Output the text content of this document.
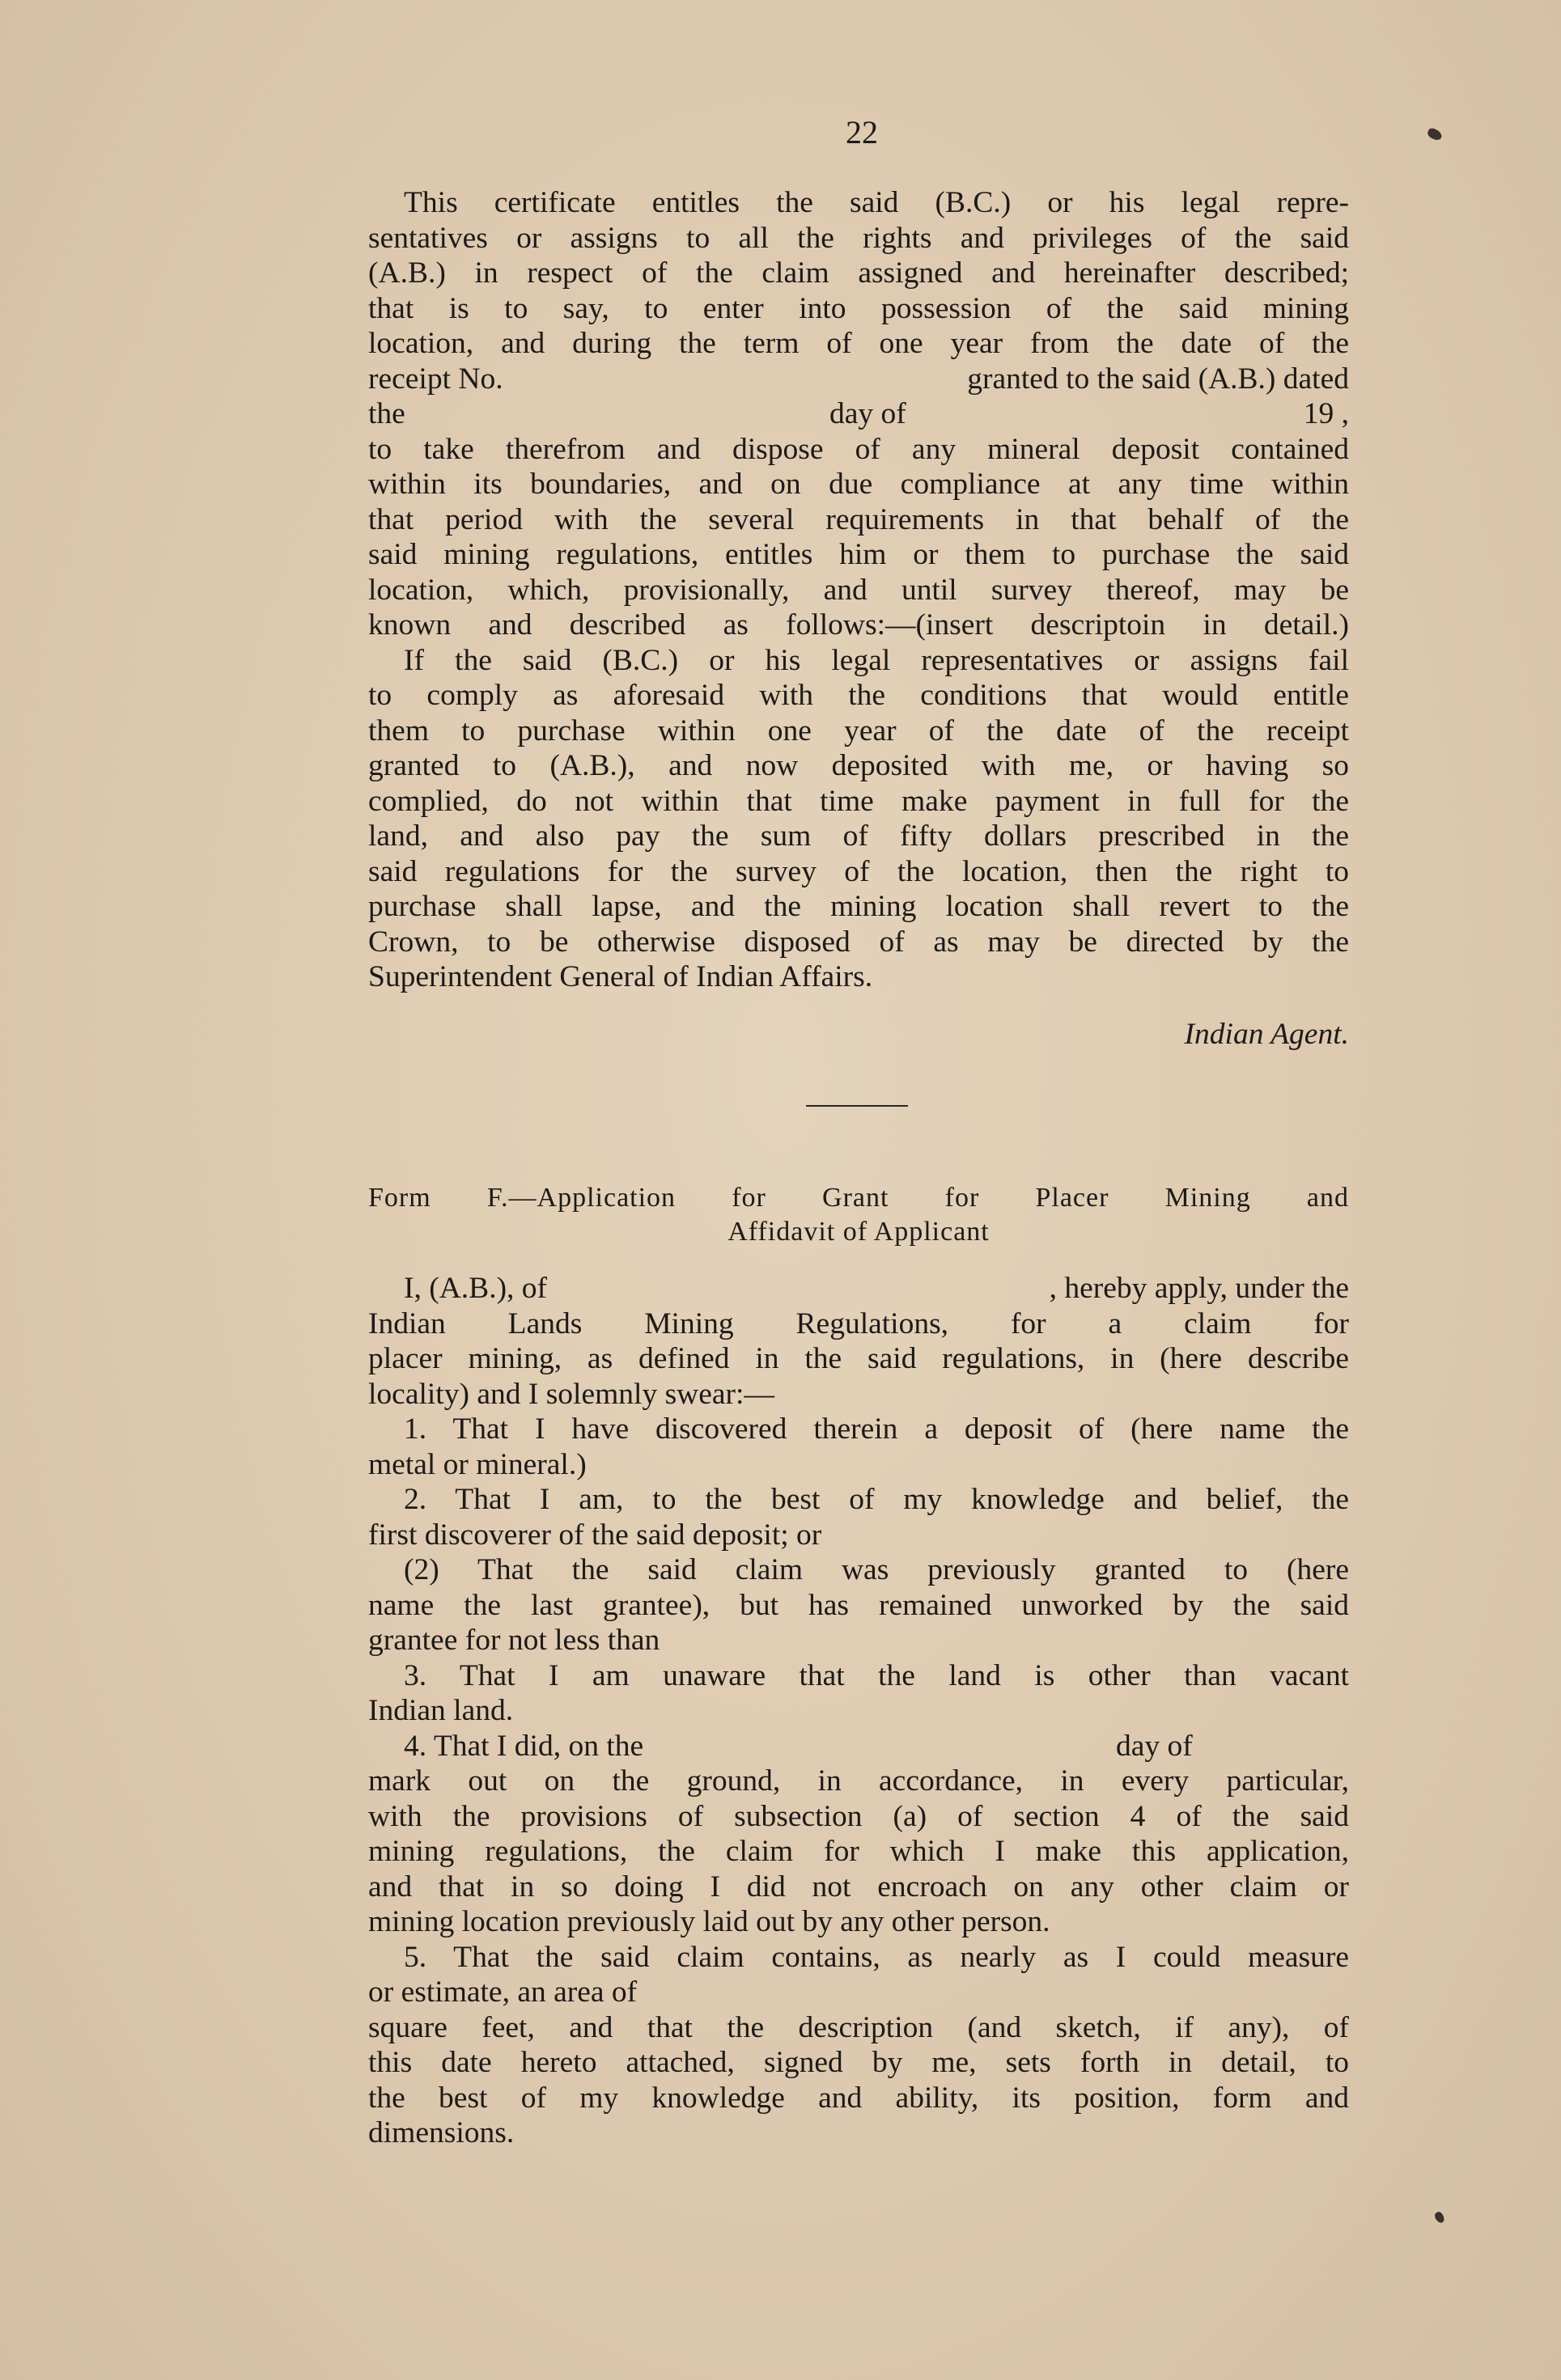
22
This certificate entitles the said (B.C.) or his legal repre-
sentatives or assigns to all the rights and privileges of the said
(A.B.) in respect of the claim assigned and hereinafter described;
that is to say, to enter into possession of the said mining
location, and during the term of one year from the date of the
receipt No.	granted to the said (A.B.) dated
the	day of	19 ,
to take therefrom and dispose of any mineral deposit contained
within its boundaries, and on due compliance at any time within
that period with the several requirements in that behalf of the
said mining regulations, entitles him or them to purchase the said
location, which, provisionally, and until survey thereof, may be
known and described as follows:—(insert descriptoin in detail.)
If the said (B.C.) or his legal representatives or assigns fail
to comply as aforesaid with the conditions that would entitle
them to purchase within one year of the date of the receipt
granted to (A.B.), and now deposited with me, or having so
complied, do not within that time make payment in full for the
land, and also pay the sum of fifty dollars prescribed in the
said regulations for the survey of the location, then the right to
purchase shall lapse, and the mining location shall revert to the
Crown, to be otherwise disposed of as may be directed by the
Superintendent General of Indian Affairs.
Indian Agent.
Form F.—Application for Grant for Placer Mining and
Affidavit of Applicant
I, (A.B.), of	, hereby apply, under the
Indian Lands Mining Regulations, for a claim for
placer mining, as defined in the said regulations, in (here describe
locality) and I solemnly swear:—
1. That I have discovered therein a deposit of (here name the
metal or mineral.)
2. That I am, to the best of my knowledge and belief, the
first discoverer of the said deposit; or
(2) That the said claim was previously granted to (here
name the last grantee), but has remained unworked by the said
grantee for not less than
3. That I am unaware that the land is other than vacant
Indian land.
4. That I did, on the	day of
mark out on the ground, in accordance, in every particular,
with the provisions of subsection (a) of section 4 of the said
mining regulations, the claim for which I make this application,
and that in so doing I did not encroach on any other claim or
mining location previously laid out by any other person.
5. That the said claim contains, as nearly as I could measure
or estimate, an area of
square feet, and that the description (and sketch, if any), of
this date hereto attached, signed by me, sets forth in detail, to
the best of my knowledge and ability, its position, form and
dimensions.
